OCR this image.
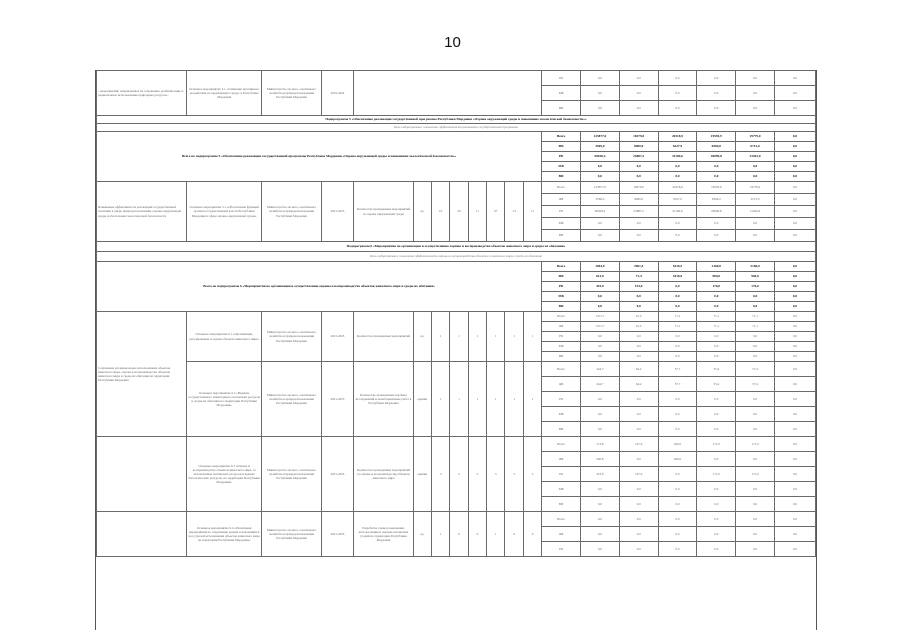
10
...мероприятий, направленных на сохранение, реабилитацию и рациональное использование природных ресурсов...	Основное мероприятие 3.1 «Снижение негативного воздействия на окружающую среду» в Республике Мордовия	Министерство лесного, охотничьего хозяйства и природопользования Республики Мордовия	2019-2024									РБ	0,0	0,0	0,0	0,0	0,0	0,0
												МБ	0,0	0,0	0,0	0,0	0,0	0,0
												ВИ	0,0	0,0	0,0	0,0	0,0	0,0
Подпрограмма 5 «Обеспечение реализации государственной программы Республики Мордовия «Охрана окружающей среды и повышение экологической безопасности»»																		
Цель подпрограммы: повышение эффективности реализации государственной программы																		
Всего по подпрограмме 5 «Обеспечение реализации государственной программы Республики Мордовия «Охрана окружающей среды и повышение экологической безопасности»»												Всего	123877,0	18279,0	20318,9	19593,9	19779,0	0,0
												ФБ	3569,0	8480,0	6327,9	6584,0	6713,0	0,0
												РБ	90028,4	25887,2	21169,6	20099,8	21042,0	0,0
												МБ	0,0	0,0	0,0	0,0	0,0	0,0
												ВИ	0,0	0,0	0,0	0,0	0,0	0,0
Повышение эффективности реализации государственной политики в сфере природопользования, охраны окружающей среды и обеспечения экологической безопасности	Основное мероприятие 5.1 «Обеспечение функций органов государственной власти Республики Мордовия в сфере охраны окружающей среды»	Министерство лесного, охотничьего хозяйства и природопользования Республики Мордовия	2021-2025	Количество проведенных мероприятий по охране окружающей среды	ед.	10	20	11	67	13	11	Всего	123877,0	18279,0	20318,9	19593,9	19779,0	0,0
												ФБ	3569,0	8480,0	6327,9	6584,0	6713,0	0,0
												РБ	90028,4	25887,2	21169,6	20099,8	21042,0	0,0
												МБ	0,0	0,0	0,0	0,0	0,0	0,0
												ВИ	0,0	0,0	0,0	0,0	0,0	0,0
Подпрограмма 6 «Мероприятия по организации и осуществлению охраны и воспроизводства объектов животного мира и среды их обитания»																		
Цель подпрограммы: повышение эффективности охраны и воспроизводства объектов животного мира и среды их обитания																		
Всего по подпрограмме 6 «Мероприятия по организации и осуществлению охраны и воспроизводства объектов животного мира и среды их обитания»												Всего	1064,0	2961,4	5410,5	2160,0	2160,0	0,0
												ФБ	613,0	71,4	5410,0	984,0	984,0	0,0
												РБ	453,0	153,0	0,0	176,0	176,0	0,0
												МБ	0,0	0,0	0,0	0,0	0,0	0,0
												ВИ	0,0	0,0	0,0	0,0	0,0	0,0
Сохранение и рациональное использование объектов животного мира, охрана и воспроизводство объектов животного мира и среды их обитания на территории Республики Мордовия	Основное мероприятие 6.1 «Организация, регулирование и охрана объектов животного мира»	Министерство лесного, охотничьего хозяйства и природопользования Республики Мордовия	2021-2025	Количество проведенных мероприятий	ед.	1	1	1	1	1	1	Всего	1371,7	91,2	71,1	71,1	71,1	0,0
												ФБ	1371,7	91,2	71,1	71,1	71,1	0,0
												РБ	0,0	0,0	0,0	0,0	0,0	0,0
												МБ	0,0	0,0	0,0	0,0	0,0	0,0
												ВИ	0,0	0,0	0,0	0,0	0,0	0,0
	Основное мероприятие 6.2 «Ведение государственного мониторинга охотничьих ресурсов и среды их обитания на территории Республики Мордовия»	Министерство лесного, охотничьего хозяйства и природопользования Республики Мордовия	2021-2025	Количество проведенных научных исследований и мониторинговых работ в Республике Мордовия	единиц	1	1	1	1	1	1	Всего	244,7	64,2	57,7	55,4	57,4	0,0
												ФБ	244,7	64,2	57,7	55,4	57,4	0,0
												РБ	0,0	0,0	0,0	0,0	0,0	0,0
												МБ	0,0	0,0	0,0	0,0	0,0	0,0
												ВИ	0,0	0,0	0,0	0,0	0,0	0,0
	Основное мероприятие 6.3 «Охрана и воспроизводство объектов животного мира, за исключением охотничьих ресурсов и водных биологических ресурсов, на территории Республики Мордовия»	Министерство лесного, охотничьего хозяйства и природопользования Республики Мордовия	2021-2025	Количество проведенных мероприятий по охране и воспроизводству объектов животного мира	единиц	5	5	5	5	5	5	Всего	713,8	147,0	290,0	171,0	171,0	0,0
												ФБ	260,8	0,0	290,0	0,0	0,0	0,0
												РБ	453,0	147,0	0,0	171,0	171,0	0,0
												МБ	0,0	0,0	0,0	0,0	0,0	0,0
												ВИ	0,0	0,0	0,0	0,0	0,0	0,0
	Основное мероприятие 6.4 «Реализация мероприятий по сохранению редких и находящихся под угрозой исчезновения объектов животного мира на территории Республики Мордовия»	Министерство лесного, охотничьего хозяйства и природопользования Республики Мордовия	2021-2025	Разработка схемы размещения, использования и охраны охотничьих угодий на территории Республики Мордовия	ед.	1	0	0	1	0	0	Всего	0,0	0,0	0,0	0,0	0,0	0,0
												ФБ	0,0	0,0	0,0	0,0	0,0	0,0
												РБ	0,0	0,0	0,0	0,0	0,0	0,0
